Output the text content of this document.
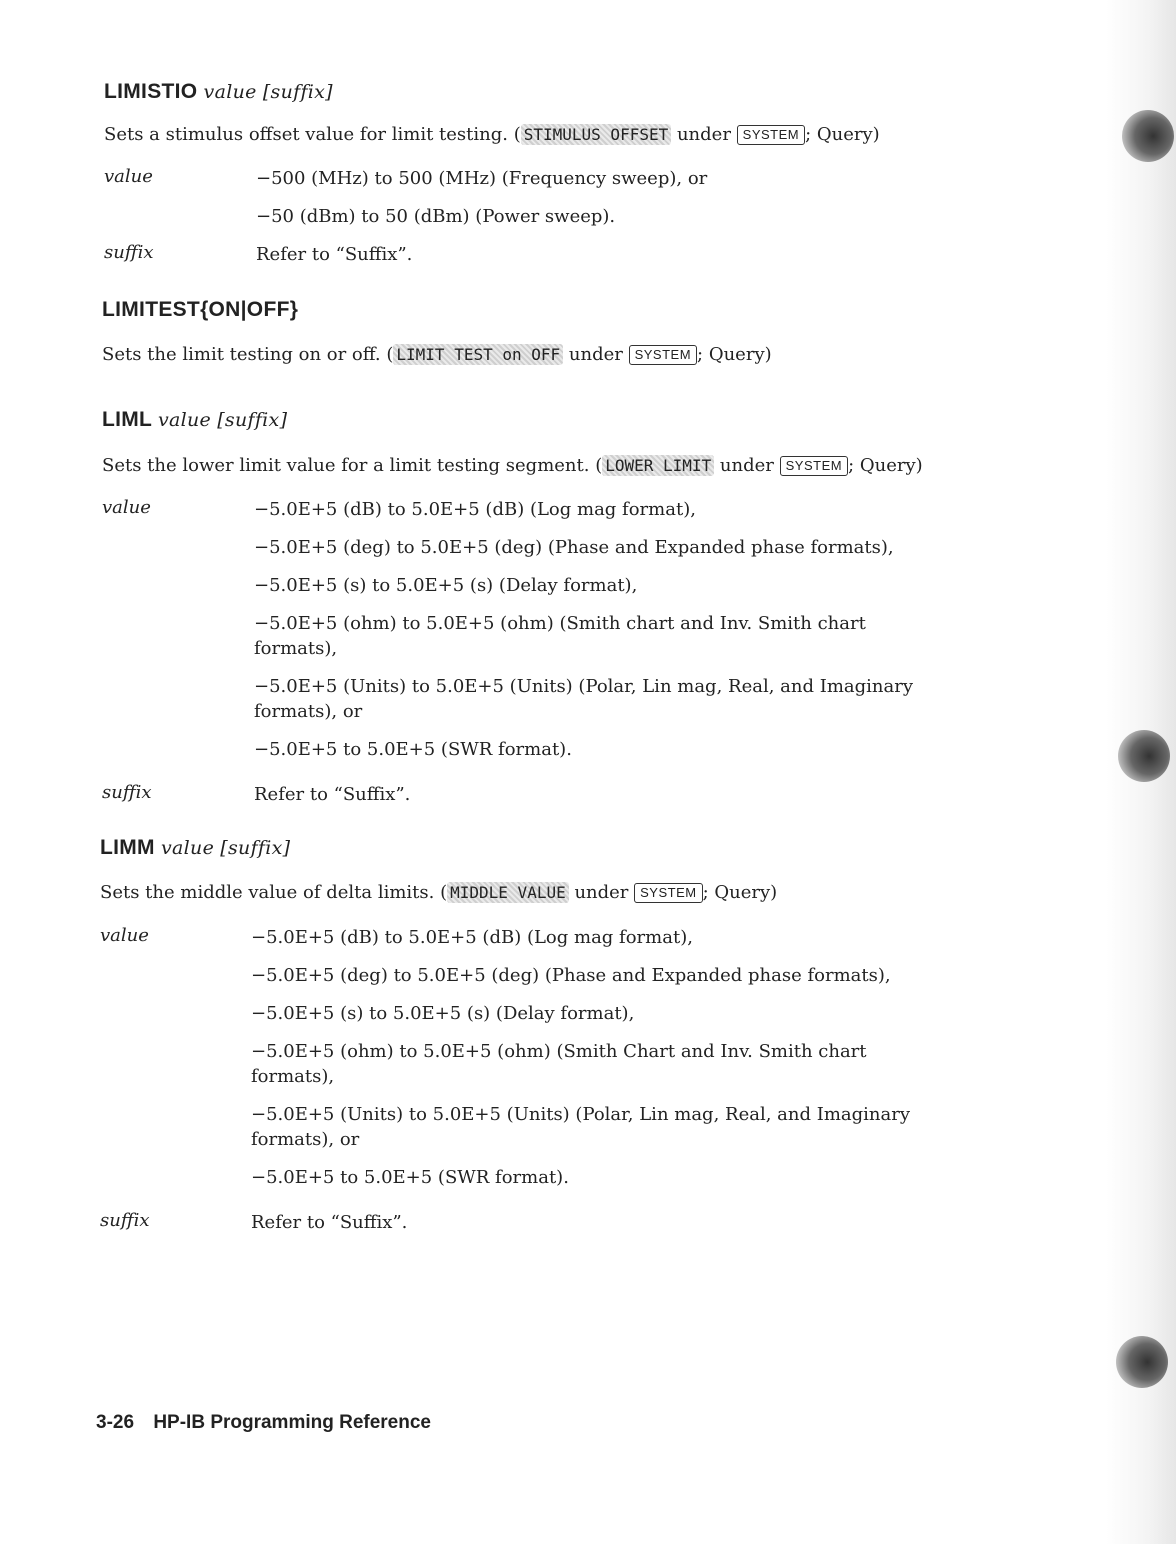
LIMISTIO value [suffix]
Sets a stimulus offset value for limit testing. ( STIMULUS OFFSET under SYSTEM ; Query)
value	−500 (MHz) to 500 (MHz) (Frequency sweep), or
−50 (dBm) to 50 (dBm) (Power sweep).
suffix	Refer to “Suffix”.
LIMITEST{ON|OFF}
Sets the limit testing on or off. ( LIMIT TEST on OFF under SYSTEM ; Query)
LIML value [suffix]
Sets the lower limit value for a limit testing segment. ( LOWER LIMIT under SYSTEM ; Query)
value	−5.0E+5 (dB) to 5.0E+5 (dB) (Log mag format),
−5.0E+5 (deg) to 5.0E+5 (deg) (Phase and Expanded phase formats),
−5.0E+5 (s) to 5.0E+5 (s) (Delay format),
−5.0E+5 (ohm) to 5.0E+5 (ohm) (Smith chart and Inv. Smith chart formats),
−5.0E+5 (Units) to 5.0E+5 (Units) (Polar, Lin mag, Real, and Imaginary formats), or
−5.0E+5 to 5.0E+5 (SWR format).
suffix	Refer to “Suffix”.
LIMM value [suffix]
Sets the middle value of delta limits. ( MIDDLE VALUE under SYSTEM ; Query)
value	−5.0E+5 (dB) to 5.0E+5 (dB) (Log mag format),
−5.0E+5 (deg) to 5.0E+5 (deg) (Phase and Expanded phase formats),
−5.0E+5 (s) to 5.0E+5 (s) (Delay format),
−5.0E+5 (ohm) to 5.0E+5 (ohm) (Smith Chart and Inv. Smith chart formats),
−5.0E+5 (Units) to 5.0E+5 (Units) (Polar, Lin mag, Real, and Imaginary formats), or
−5.0E+5 to 5.0E+5 (SWR format).
suffix	Refer to “Suffix”.
3-26 HP-IB Programming Reference
